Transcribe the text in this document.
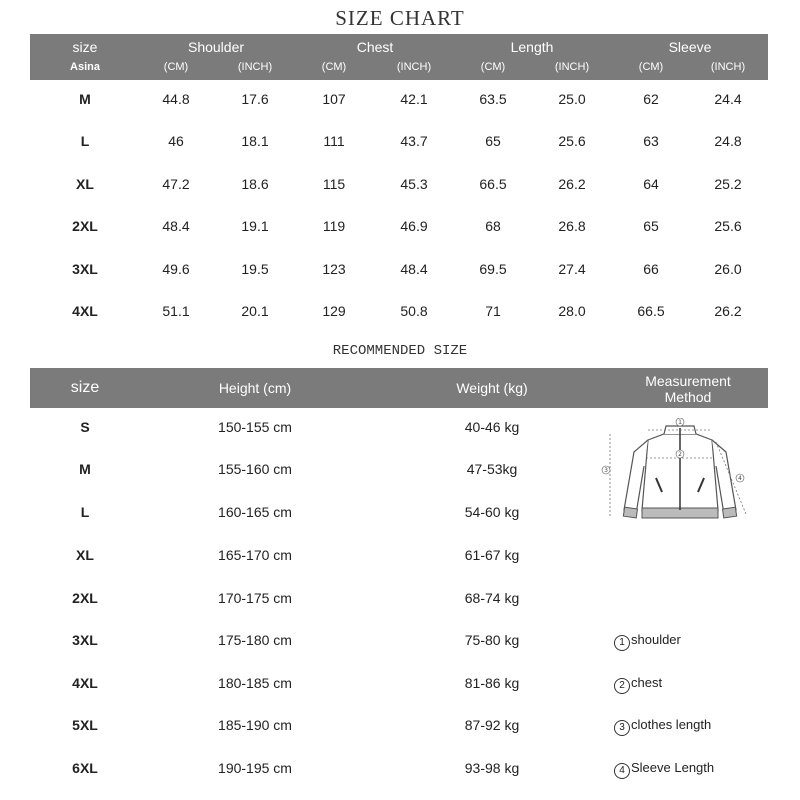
SIZE CHART
size
Asina
Shoulder	Chest	Length	Sleeve
(CM)	(INCH)	(CM)	(INCH)	(CM)	(INCH)	(CM)	(INCH)
M	44.8	17.6	107	42.1	63.5	25.0	62	24.4
L	46	18.1	111	43.7	65	25.6	63	24.8
XL	47.2	18.6	115	45.3	66.5	26.2	64	25.2
2XL	48.4	19.1	119	46.9	68	26.8	65	25.6
3XL	49.6	19.5	123	48.4	69.5	27.4	66	26.0
4XL	51.1	20.1	129	50.8	71	28.0	66.5	26.2
RECOMMENDED SIZE
size	Height (cm)	Weight (kg)	Measurement
Method
S	150-155 cm	40-46 kg
M	155-160 cm	47-53kg
L	160-165 cm	54-60 kg
XL	165-170 cm	61-67 kg
2XL	170-175 cm	68-74 kg
3XL	175-180 cm	75-80 kg
4XL	180-185 cm	81-86 kg
5XL	185-190 cm	87-92 kg
6XL	190-195 cm	93-98 kg
1
2
3
4
1 shoulder
2 chest
3 clothes length
4 Sleeve Length
